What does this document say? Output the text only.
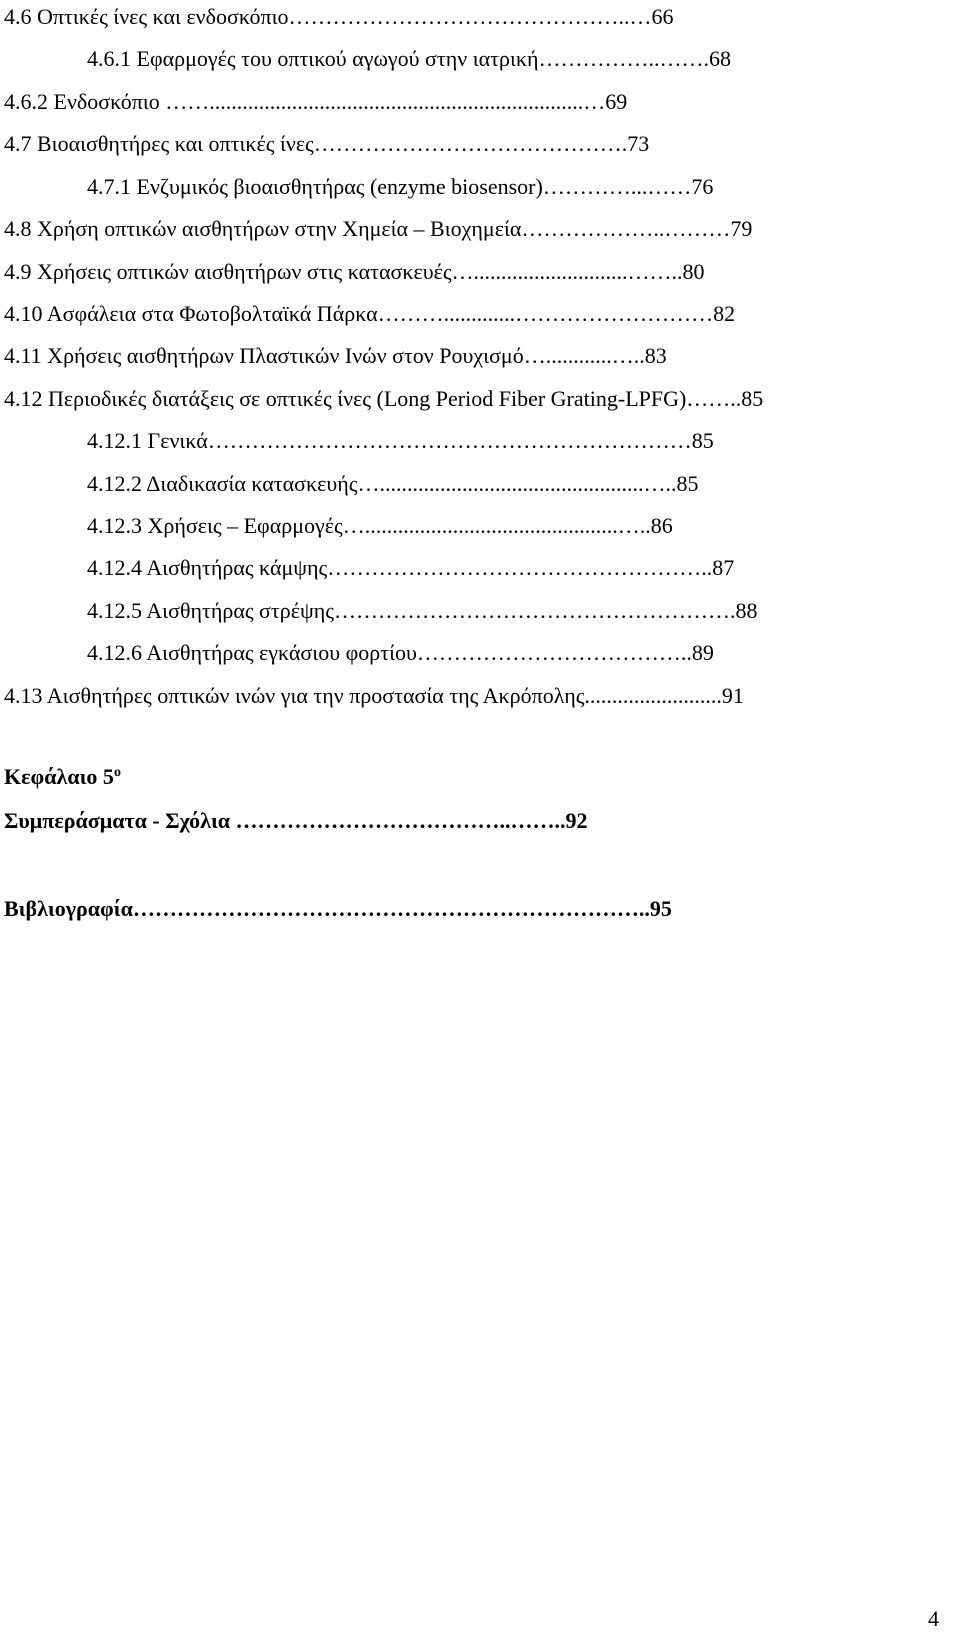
4.6 Οπτικές ίνες και ενδοσκόπιο………………………………………..…66
4.6.1 Εφαρμογές του οπτικού αγωγού στην ιατρική……………..…….68
4.6.2 Ενδοσκόπιο ……....................................................................…69
4.7 Βιοαισθητήρες και οπτικές ίνες…………………………………….73
4.7.1 Ενζυμικός βιοαισθητήρας (enzyme biosensor)…………...……76
4.8 Χρήση οπτικών αισθητήρων στην Χημεία – Βιοχημεία………………..………79
4.9 Χρήσεις οπτικών αισθητήρων στις κατασκευές…............................……..80
4.10 Ασφάλεια στα Φωτοβολταϊκά Πάρκα……….............………………………82
4.11 Χρήσεις αισθητήρων Πλαστικών Ινών στον Ρουχισμό…............…..83
4.12 Περιοδικές διατάξεις σε οπτικές ίνες (Long Period Fiber Grating-LPFG)……..85
4.12.1 Γενικά…………………………………………………………85
4.12.2 Διαδικασία κατασκευής…................................................…..85
4.12.3 Χρήσεις – Εφαρμογές…..............................................…..86
4.12.4 Αισθητήρας κάμψης……………………………………………..87
4.12.5 Αισθητήρας στρέψης……………………………………………….88
4.12.6 Αισθητήρας εγκάσιου φορτίου………………………………..89
4.13 Αισθητήρες οπτικών ινών για την προστασία της Ακρόπολης.........................91
Κεφάλαιο $5^o$
Συμπεράσματα - Σχόλια ………………………………..……..92
Βιβλιογραφία……………………………………………………………..95
4
